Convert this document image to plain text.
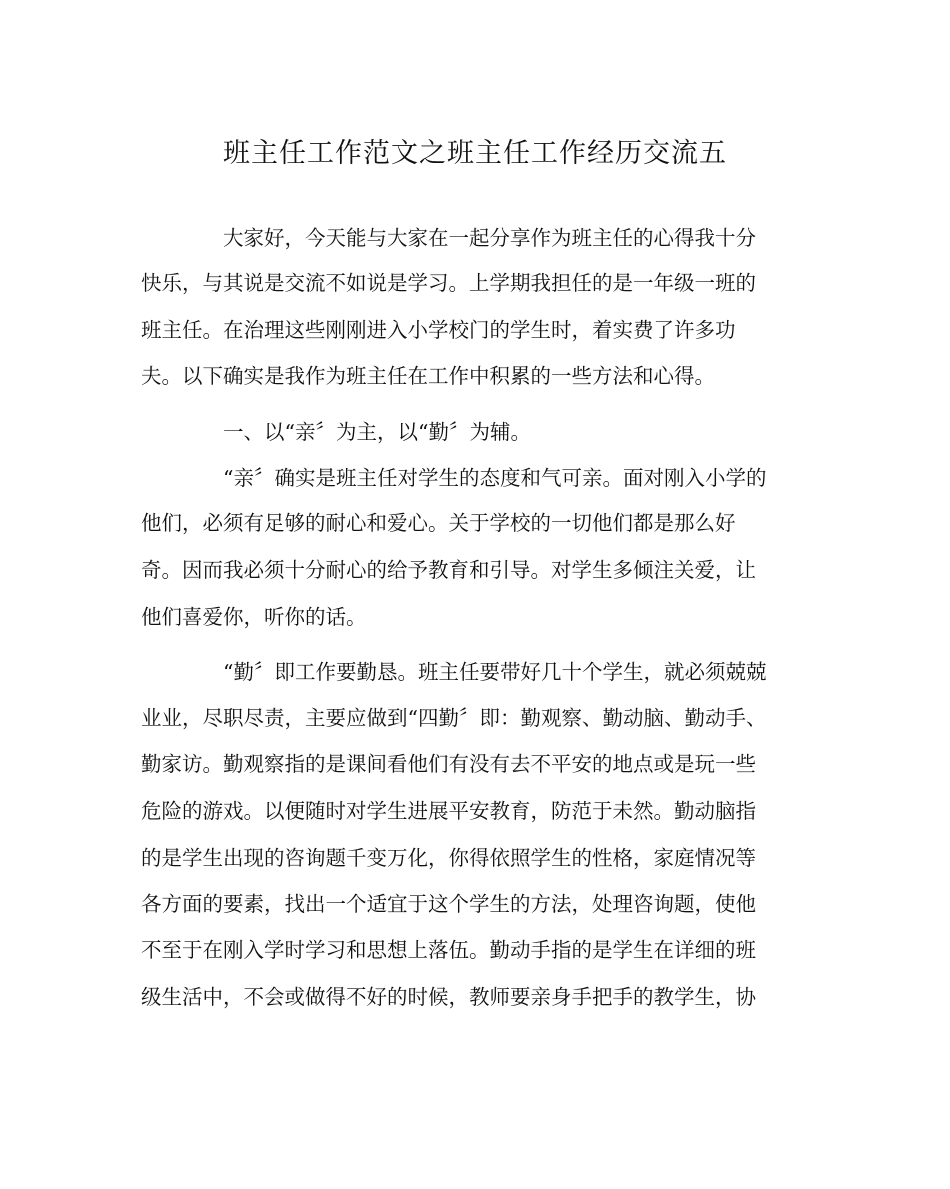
班主任工作范文之班主任工作经历交流五
大家好，今天能与大家在一起分享作为班主任的心得我十分
快乐，与其说是交流不如说是学习。上学期我担任的是一年级一班的
班主任。在治理这些刚刚进入小学校门的学生时，着实费了许多功
夫。以下确实是我作为班主任在工作中积累的一些方法和心得。
一、以“亲〞为主，以“勤〞为辅。
“亲〞确实是班主任对学生的态度和气可亲。面对刚入小学的
他们，必须有足够的耐心和爱心。关于学校的一切他们都是那么好
奇。因而我必须十分耐心的给予教育和引导。对学生多倾注关爱，让
他们喜爱你，听你的话。
“勤〞即工作要勤恳。班主任要带好几十个学生，就必须兢兢
业业，尽职尽责，主要应做到“四勤〞即：勤观察、勤动脑、勤动手、
勤家访。勤观察指的是课间看他们有没有去不平安的地点或是玩一些
危险的游戏。以便随时对学生进展平安教育，防范于未然。勤动脑指
的是学生出现的咨询题千变万化，你得依照学生的性格，家庭情况等
各方面的要素，找出一个适宜于这个学生的方法，处理咨询题，使他
不至于在刚入学时学习和思想上落伍。勤动手指的是学生在详细的班
级生活中，不会或做得不好的时候，教师要亲身手把手的教学生，协
